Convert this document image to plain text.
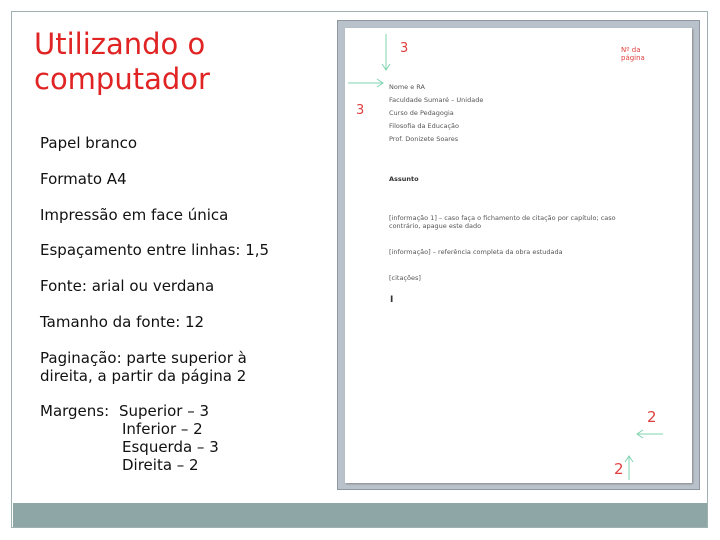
Utilizando o
computador
Papel branco
Formato A4
Impressão em face única
Espaçamento entre linhas: 1,5
Fonte: arial ou verdana
Tamanho da fonte: 12
Paginação: parte superior à
direita, a partir da página 2
Margens: Superior – 3
Inferior – 2
Esquerda – 3
Direita – 2
Nome e RA
Faculdade Sumaré – Unidade
Curso de Pedagogia
Filosofia da Educação
Prof. Donizete Soares
Assunto
[informação 1] – caso faça o fichamento de citação por capítulo; caso contrário, apague este dado
[informação] – referência completa da obra estudada
[citações]
I
3
3
Nº da
página
2
2
